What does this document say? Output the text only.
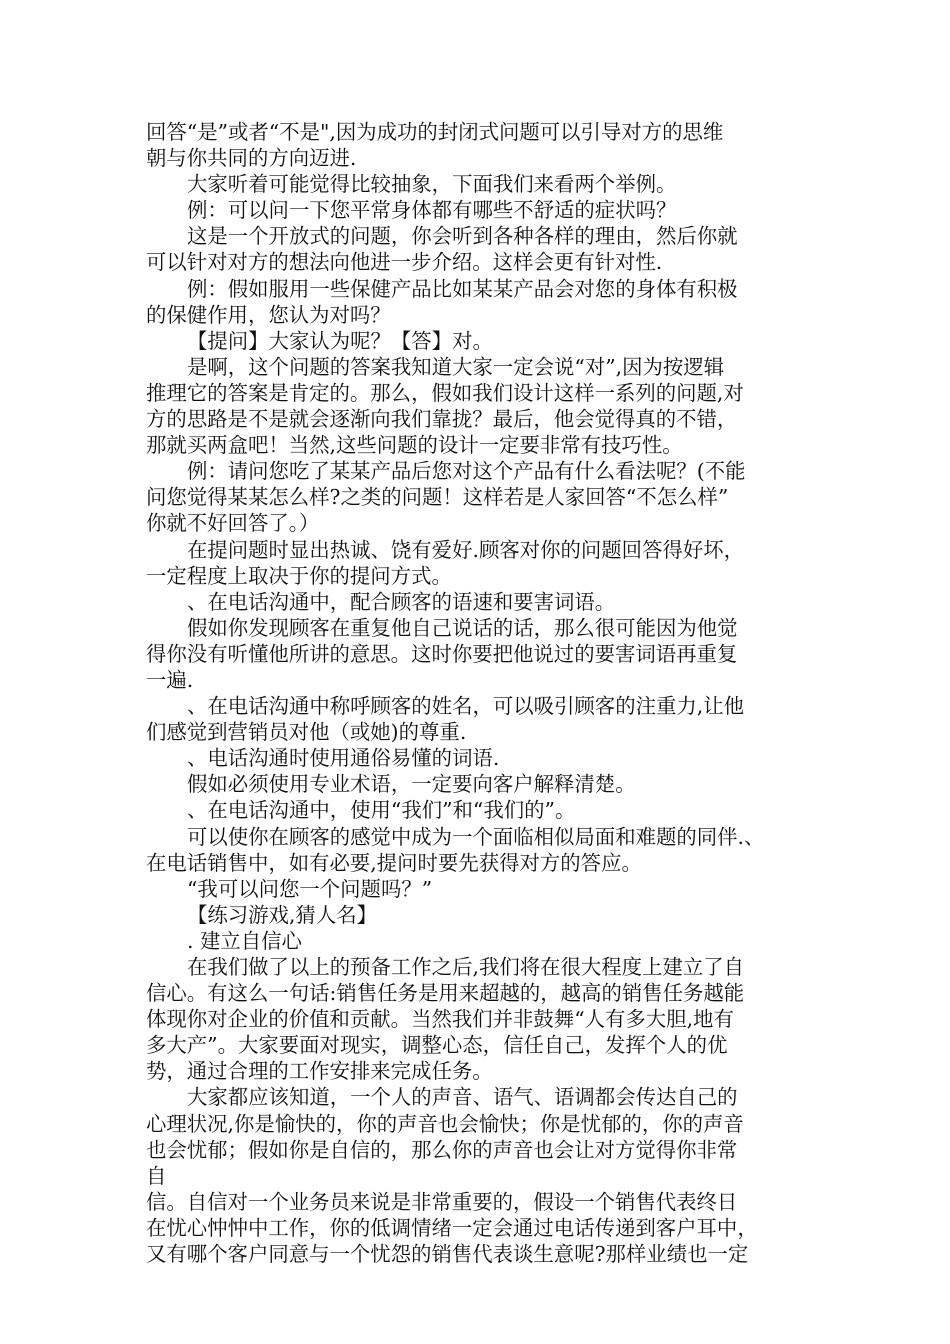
回答“是”或者“不是",因为成功的封闭式问题可以引导对方的思维
朝与你共同的方向迈进.
大家听着可能觉得比较抽象，下面我们来看两个举例。
例：可以问一下您平常身体都有哪些不舒适的症状吗？
这是一个开放式的问题，你会听到各种各样的理由，然后你就
可以针对对方的想法向他进一步介绍。这样会更有针对性.
例：假如服用一些保健产品比如某某产品会对您的身体有积极
的保健作用，您认为对吗？
【提问】大家认为呢？【答】对。
是啊，这个问题的答案我知道大家一定会说“对”,因为按逻辑
推理它的答案是肯定的。那么，假如我们设计这样一系列的问题,对
方的思路是不是就会逐渐向我们靠拢？最后，他会觉得真的不错，
那就买两盒吧！当然,这些问题的设计一定要非常有技巧性。
例：请问您吃了某某产品后您对这个产品有什么看法呢？(不能
问您觉得某某怎么样?之类的问题！这样若是人家回答“不怎么样”
你就不好回答了。）
在提问题时显出热诚、饶有爱好.顾客对你的问题回答得好坏，
一定程度上取决于你的提问方式。
、在电话沟通中，配合顾客的语速和要害词语。
假如你发现顾客在重复他自己说话的话，那么很可能因为他觉
得你没有听懂他所讲的意思。这时你要把他说过的要害词语再重复
一遍.
、在电话沟通中称呼顾客的姓名，可以吸引顾客的注重力,让他
们感觉到营销员对他（或她)的尊重.
、电话沟通时使用通俗易懂的词语.
假如必须使用专业术语，一定要向客户解释清楚。
、在电话沟通中，使用“我们”和“我们的”。
可以使你在顾客的感觉中成为一个面临相似局面和难题的同伴.、
在电话销售中，如有必要,提问时要先获得对方的答应。
“我可以问您一个问题吗？”
【练习游戏,猜人名】
. 建立自信心
在我们做了以上的预备工作之后,我们将在很大程度上建立了自
信心。有这么一句话:销售任务是用来超越的，越高的销售任务越能
体现你对企业的价值和贡献。当然我们并非鼓舞“人有多大胆,地有
多大产”。大家要面对现实，调整心态，信任自己，发挥个人的优
势，通过合理的工作安排来完成任务。
大家都应该知道，一个人的声音、语气、语调都会传达自己的
心理状况,你是愉快的，你的声音也会愉快；你是忧郁的，你的声音
也会忧郁；假如你是自信的，那么你的声音也会让对方觉得你非常
自
信。自信对一个业务员来说是非常重要的，假设一个销售代表终日
在忧心忡忡中工作，你的低调情绪一定会通过电话传递到客户耳中，
又有哪个客户同意与一个忧怨的销售代表谈生意呢?那样业绩也一定
